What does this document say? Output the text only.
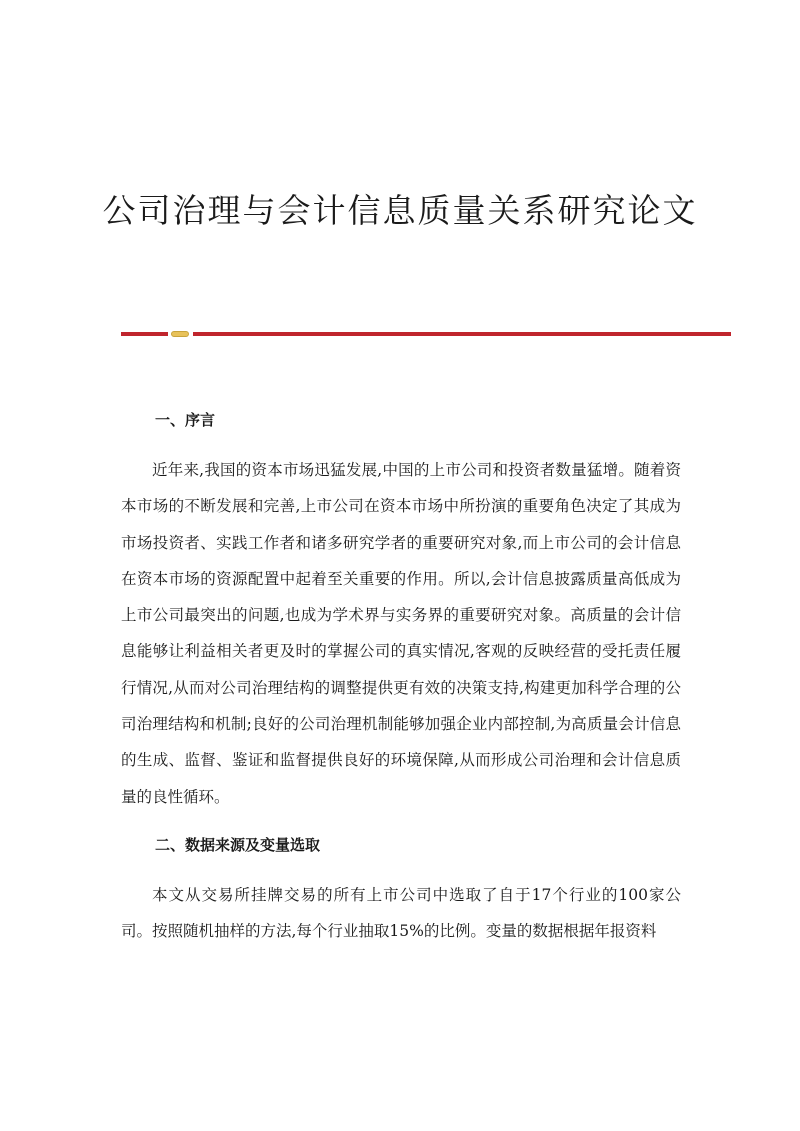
公司治理与会计信息质量关系研究论文
一、序言

近年来,我国的资本市场迅猛发展,中国的上市公司和投资者数量猛增。随着资本市场的不断发展和完善,上市公司在资本市场中所扮演的重要角色决定了其成为市场投资者、实践工作者和诸多研究学者的重要研究对象,而上市公司的会计信息在资本市场的资源配置中起着至关重要的作用。所以,会计信息披露质量高低成为上市公司最突出的问题,也成为学术界与实务界的重要研究对象。高质量的会计信息能够让利益相关者更及时的掌握公司的真实情况,客观的反映经营的受托责任履行情况,从而对公司治理结构的调整提供更有效的决策支持,构建更加科学合理的公司治理结构和机制;良好的公司治理机制能够加强企业内部控制,为高质量会计信息的生成、监督、鉴证和监督提供良好的环境保障,从而形成公司治理和会计信息质量的良性循环。

二、数据来源及变量选取

本文从交易所挂牌交易的所有上市公司中选取了自于17个行业的100家公司。按照随机抽样的方法,每个行业抽取15%的比例。变量的数据根据年报资料
